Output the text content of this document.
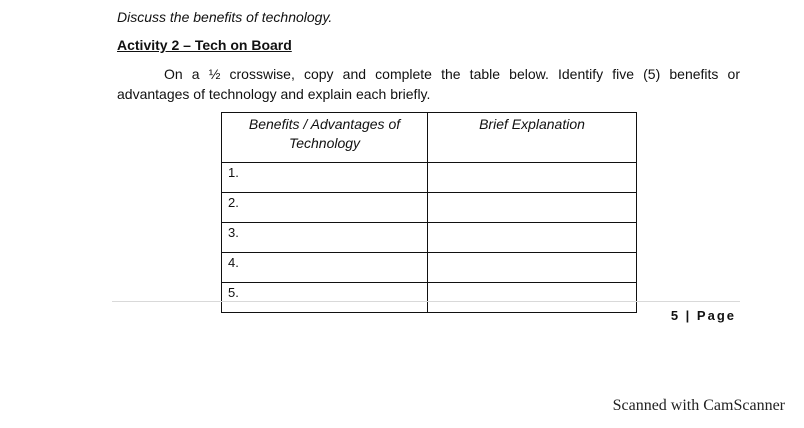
Discuss the benefits of technology.
Activity 2 – Tech on Board
On a ½ crosswise, copy and complete the table below. Identify five (5) benefits or
advantages of technology and explain each briefly.
Benefits / Advantages of
Technology	Brief Explanation
1.	
2.	
3.	
4.	
5.	
5 | Page
Scanned with CamScanner
